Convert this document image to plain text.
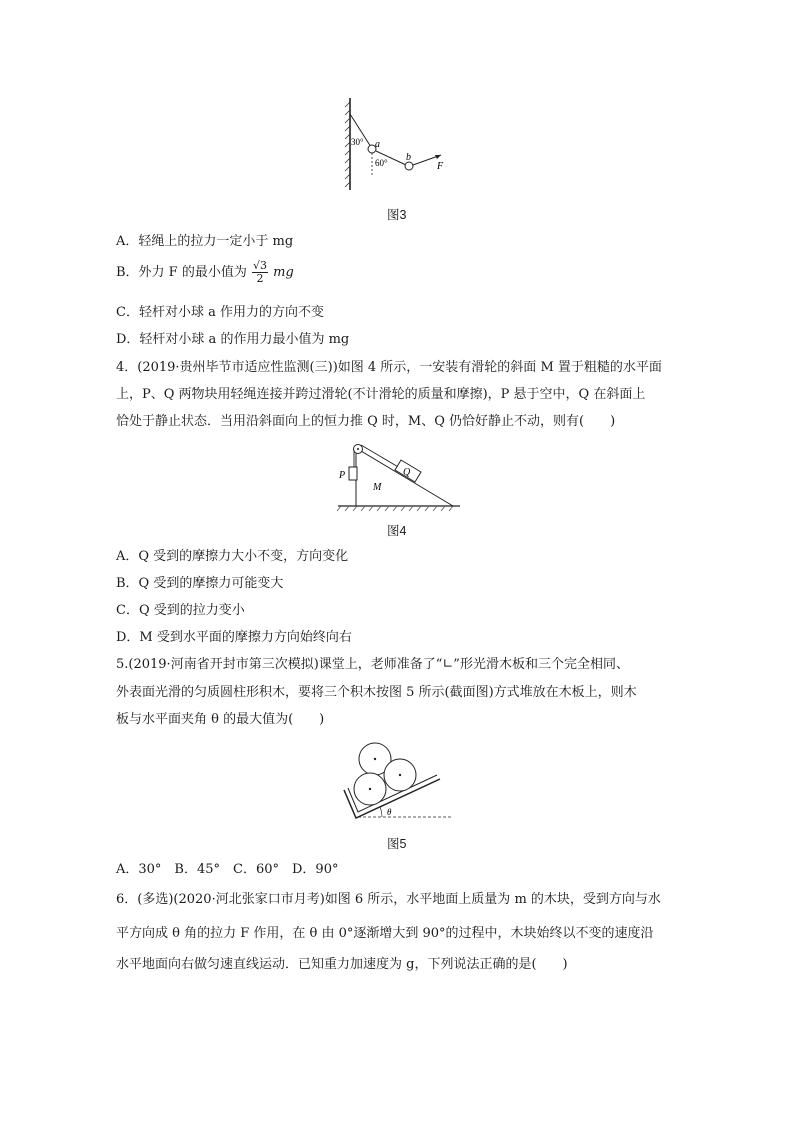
30°
60°
a
b
F
图3
A．轻绳上的拉力一定小于 mg
B．外力 F 的最小值为 $\frac{√3}{2}$ mg
C．轻杆对小球 a 作用力的方向不变
D．轻杆对小球 a 的作用力最小值为 mg
4．(2019·贵州毕节市适应性监测(三))如图 4 所示，一安装有滑轮的斜面 M 置于粗糙的水平面
上，P、Q 两物块用轻绳连接并跨过滑轮(不计滑轮的质量和摩擦)，P 悬于空中，Q 在斜面上
恰处于静止状态．当用沿斜面向上的恒力推 Q 时，M、Q 仍恰好静止不动，则有(　　)
P	Q
M
图4
A．Q 受到的摩擦力大小不变，方向变化
B．Q 受到的摩擦力可能变大
C．Q 受到的拉力变小
D．M 受到水平面的摩擦力方向始终向右
5.(2019·河南省开封市第三次模拟)课堂上，老师准备了“∟”形光滑木板和三个完全相同、
外表面光滑的匀质圆柱形积木，要将三个积木按图 5 所示(截面图)方式堆放在木板上，则木
板与水平面夹角 θ 的最大值为(　　)
θ
图5
A．30°　B．45°　C．60°　D．90°
6．(多选)(2020·河北张家口市月考)如图 6 所示，水平地面上质量为 m 的木块，受到方向与水
平方向成 θ 角的拉力 F 作用，在 θ 由 0°逐渐增大到 90°的过程中，木块始终以不变的速度沿
水平地面向右做匀速直线运动．已知重力加速度为 g，下列说法正确的是(　　)
